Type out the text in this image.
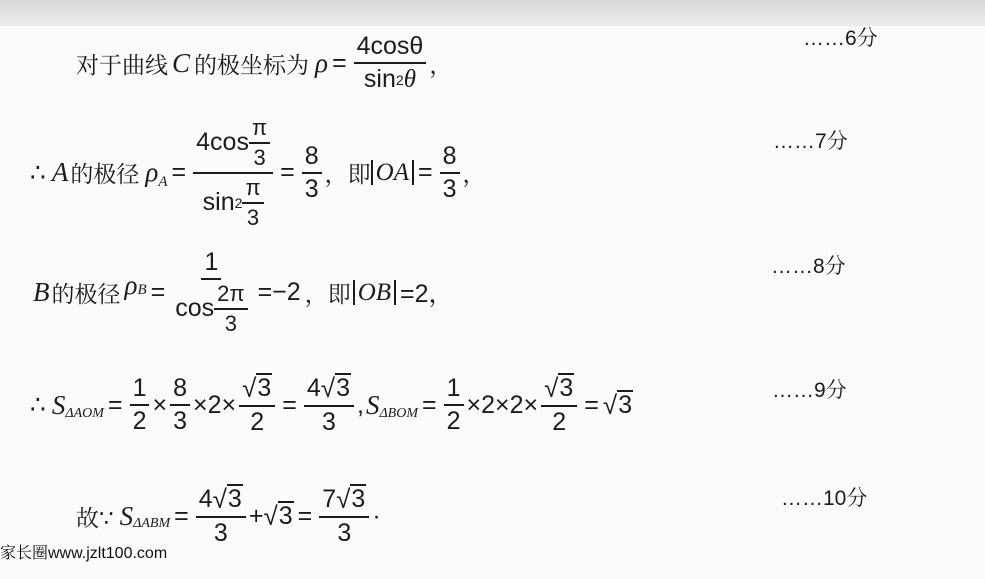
……6分
……7分
……8分
……9分
……10分
对于曲线 C 的极坐标为 $\rho = \frac{4\cos\theta}{\sin 2 \theta}$ ，
∴ A 的极径 $\rho_A = \frac{4\cos \frac{\pi}{3}}{\sin 2 \frac{\pi}{3}} = \frac{8}{3}$ ，即 OA = $\frac{8}{3}$ ，
B 的极径 $\rho_B = \frac{1}{\cos \frac{2\pi}{3}} =-2$ ，即 OB =2，
∴ $S_{\Delta AOM} = \frac{1}{2} \times \frac{8}{3} \times 2\times \frac{√ 3}{2} = \frac{4 √ 3}{3}$ , $S_{\Delta BOM} = \frac{1}{2} \times 2\times 2\times \frac{√ 3}{2}$ = √ 3
故∵ $S_{\Delta ABM} = \frac{4 √ 3}{3}$ + √ $3 = \frac{7 √ 3}{3}$ ·
家长圈www.jzlt100.com
